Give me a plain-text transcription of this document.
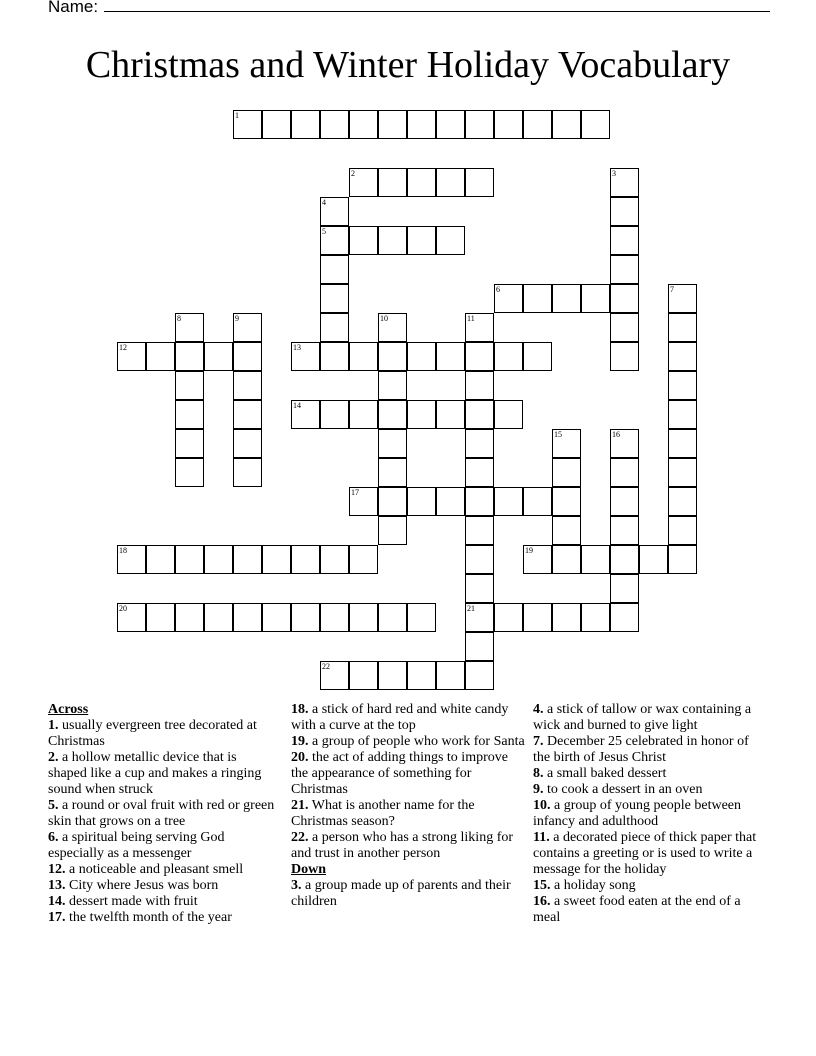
Name:
Christmas and Winter Holiday Vocabulary
1
2	3
4
5
6	7
8	9	10	11
21
12	13
14
15	16
17
18	19
20
22
Across
1. usually evergreen tree decorated at Christmas
2. a hollow metallic device that is shaped like a cup and makes a ringing sound when struck
5. a round or oval fruit with red or green skin that grows on a tree
6. a spiritual being serving God especially as a messenger
12. a noticeable and pleasant smell
13. City where Jesus was born
14. dessert made with fruit
17. the twelfth month of the year
18. a stick of hard red and white candy with a curve at the top
19. a group of people who work for Santa
20. the act of adding things to improve the appearance of something for Christmas
21. What is another name for the Christmas season?
22. a person who has a strong liking for and trust in another person
Down
3. a group made up of parents and their children
4. a stick of tallow or wax containing a wick and burned to give light
7. December 25 celebrated in honor of the birth of Jesus Christ
8. a small baked dessert
9. to cook a dessert in an oven
10. a group of young people between infancy and adulthood
11. a decorated piece of thick paper that contains a greeting or is used to write a message for the holiday
15. a holiday song
16. a sweet food eaten at the end of a meal
